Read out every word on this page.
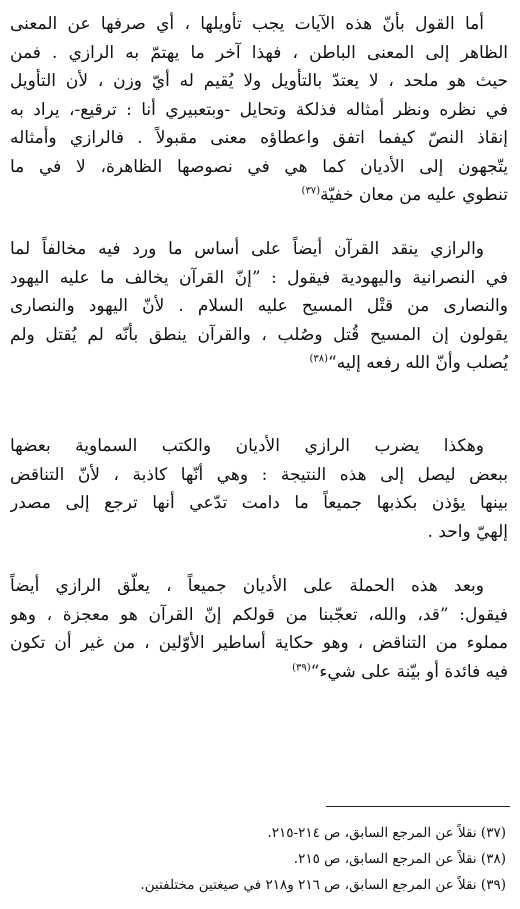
أما القول بأنّ هذه الآيات يجب تأويلها ، أي صرفها عن المعنى
الظاهر إلى المعنى الباطن ، فهذا آخر ما يهتمّ به الرازي . فمن
حيث هو ملحد ، لا يعتدّ بالتأويل ولا يُقيم له أيّ وزن ، لأن التأويل
في نظره ونظر أمثاله فذلكة وتحايل -وبتعبيري أنا : ترقيع-، يراد به
إنقاذ النصّ كيفما اتفق واعطاؤه معنى مقبولاً . فالرازي وأمثاله
يتّجهون إلى الأديان كما هي في نصوصها الظاهرة، لا في ما
تنطوي عليه من معان خفيّة$^{(٣٧)}$
والرازي ينقد القرآن أيضاً على أساس ما ورد فيه مخالفاً لما
في النصرانية واليهودية فيقول : ”إنّ القرآن يخالف ما عليه اليهود
والنصارى من قتْل المسيح عليه السلام . لأنّ اليهود والنصارى
يقولون إن المسيح قُتل وصُلب ، والقرآن ينطق بأنّه لم يُقتل ولم
يُصلب وأنّ الله رفعه إليه“$^{(٣٨)}$
وهكذا يضرب الرازي الأديان والكتب السماوية بعضها
ببعض ليصل إلى هذه النتيجة : وهي أنّها كاذبة ، لأنّ التناقض
بينها يؤذن بكذبها جميعاً ما دامت تدّعي أنها ترجع إلى مصدر
إلهيّ واحد .
وبعد هذه الحملة على الأديان جميعاً ، يعلّق الرازي أيضاً
فيقول: ”قد، والله، تعجّبنا من قولكم إنّ القرآن هو معجزة ، وهو
مملوء من التناقض ، وهو حكاية أساطير الأوّلين ، من غير أن تكون
فيه فائدة أو بيّنة على شيء“$^{(٣٩)}$
(٣٧) نقلاً عن المرجع السابق، ص ٢١٤-٢١٥.
(٣٨) نقلاً عن المرجع السابق، ص ٢١٥.
(٣٩) نقلاً عن المرجع السابق، ص ٢١٦ و٢١٨ في صيغتين مختلفتين.
